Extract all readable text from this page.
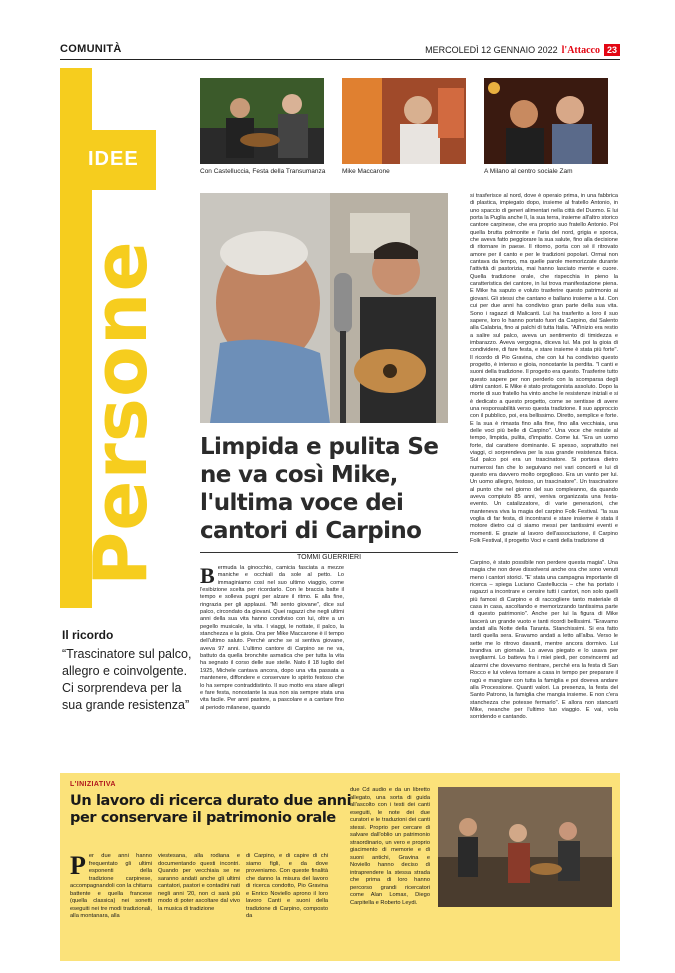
COMUNITÀ	MERCOLEDÌ 12 GENNAIO 2022 l'Attacco 23
IDEE
Persone
Con Castelluccia, Festa della Transumanza	Mike Maccarone	A Milano al centro sociale Zam
Limpida e pulita Se ne va così Mike, l'ultima voce dei cantori di Carpino
TOMMI GUERRIERI
Il ricordo
“Trascinatore sul palco, allegro e coinvolgente. Ci sorprendeva per la sua grande resistenza”
Bermuda la ginocchio, camicia fasciata a mezze maniche e occhiali da sole al petto. Lo immaginiamo così nel suo ultimo viaggio, come l'esibizione scelta per ricordarlo. Con le braccia batte il tempo e solleva pugni per alzare il ritmo. E alla fine, ringrazia per gli applausi. "Mi sento giovane", dice sul palco, circondato da giovani. Quei ragazzi che negli ultimi anni della sua vita hanno condiviso con lui, oltre a un pegello musicale, la vita. I viaggi, le nottate, il palco, la stanchezza e la gioia. Ora per Mike Maccarone è il tempo dell'ultimo saluto. Perché anche se si sentiva giovane, aveva 97 anni. L'ultimo cantore di Carpino se ne va, battuto da quella bronchite asmatica che per tutta la vita ha segnato il corso delle sue stelle. Nato il 18 luglio del 1925, Michele cantava ancora, dopo una vita passata a mantenere, diffondere e conservare lo spirito festoso che lo ha sempre contraddistinto. Il suo motto era stare allegri e fare festa, nonostante la sua non sia sempre stata una vita facile. Per anni pastore, a pascolare e a cantare fino al periodo milanese, quando
si trasferisce al nord, dove è operaio prima, in una fabbrica di plastica, impiegato dopo, insieme al fratello Antonio, in uno spaccio di generi alimentari nella città del Duomo. E lui porta la Puglia anche lì, la sua terra, insieme all'altro storico cantore carpinese, che era proprio suo fratello Antonio. Poi quella brutta polmonite e l'aria del nord, grigia e sporca, che aveva fatto peggiorare la sua salute, fino alla decisione di ritornare in paese. Il ritorno, porta con sé il ritrovato amore per il canto e per le tradizioni popolari. Ormai non cantava da tempo, ma quelle parole memorizzate durante l'attività di pastorizia, mai hanno lasciato mente e cuore. Quella tradizione orale, che rispecchia in pieno la caratteristica dei cantore, in lui trova manifestazione piena. E Mike ha saputo e voluto trasferire questo patrimonio ai giovani. Gli stessi che cantano e ballano insieme a lui. Con cui per due anni ha condiviso gran parte della sua vita. Sono i ragazzi di Malicanti. Lui ha trasferito a loro il suo sapere, loro lo hanno portato fuori da Carpino, dal Salento alla Calabria, fino ai palchi di tutta Italia. "All'inizio era restio a salire sul palco, aveva un sentimento di timidezza e imbarazzo. Aveva vergogna, diceva lui. Ma poi la gioia di condividere, di fare festa, e stare insieme è stata più forte". Il ricordo di Pio Gravina, che con lui ha condiviso questo progetto, è intenso e gioia, nonostante la perdita. "I canti e suoni della tradizione. Il progetto era questo. Trasferire tutto questo sapere per non perderlo con la scomparsa degli ultimi cantori. E Mike è stato protagonista assoluto. Dopo la morte di suo fratello ha vinto anche le resistenze iniziali e si è dedicato a questo progetto, come se sentisse di avere una responsabilità verso questa tradizione. Il suo approccio con il pubblico, poi, era bellissimo. Diretto, semplice e forte. E la sua è rimasta fino alla fine, fino alla vecchiaia, una delle voci più belle di Carpino". Una voce che resiste al tempo, limpida, pulita, d'impatto. Come lui. "Era un uomo forte, dal carattere dominante. E spesso, soprattutto nei viaggi, ci sorprendeva per la sua grande resistenza fisica. Sul palco poi era un trascinatore. Si portava dietro numerosi fan che lo seguivano nei vari concerti e lui di questo era davvero molto orgoglioso. Era un vanto per lui. Un uomo allegro, festoso, un trascinatore". Un trascinatore al punto che nel giorno del suo compleanno, da quando aveva compiuto 85 anni, veniva organizzata una festa-evento. Un catalizzatore, di varie generazioni, che manteneva viva la magia del carpino Folk Festival. "la sua voglia di far festa, di incontrarsi e stare insieme è stata il motore dietro cui ci siamo messi per tantissimi eventi e momenti. E grazie al lavoro dell'associazione, il Carpino Folk Festival, il progetto Voci e canti della tradizione di
Carpino, è stato possibile non perdere questa magia". Una magia che non deve dissolversi anche ora che sono venuti meno i cantori storici. "E' stata una campagna importante di ricerca – spiega Luciano Castelluccia – che ha portato i ragazzi a incontrare e censire tutti i cantori, non solo quelli più famosi di Carpino e di raccogliere tanto materiale di casa in casa, ascoltando e memorizzando tantissima parte di questo patrimonio". Anche per lui la figura di Mike lascerà un grande vuoto e tanti ricordi bellissimi. "Eravamo andati alla Notte della Taranta. Stanchissimi. Si era fatto tardi quella sera. Eravamo andati a letto all'alba. Verso le sette me lo ritrovo davanti, mentre ancora dormivo. Lui brandiva un giornale. Lo aveva piegato e lo usava per svegliarmi. Lo batteva fra i miei piedi, per convincermi ad alzarmi che dovevamo rientrare, perché era la festa di San Rocco e lui voleva tornare a casa in tempo per preparare il ragù e mangiare con tutta la famiglia e poi doveva andare alla Processione. Quanti valori. La presenza, la festa del Santo Patrono, la famiglia che mangia insieme. E non c'era stanchezza che potesse fermarlo". E allora non stancarti Mike, neanche per l'ultimo tuo viaggio. E vai, vola sorridendo e cantando.
L'INIZIATIVA
Un lavoro di ricerca durato due anni per conservare il patrimonio orale
Per due anni hanno frequentato gli ultimi esponenti della tradizione carpinese, accompagnandoli con la chitarra battente e quella francese (quella classica) nei sonetti eseguiti nei tre modi tradizionali, alla montanara, alla
viestesana, alla rodiana e documentando questi incontri. Quando per vecchiaia se ne saranno andati anche gli ultimi cantatori, pastori e contadini nati negli anni '20, non ci sarà più modo di poter ascoltare dal vivo la musica di tradizione
di Carpino, e di capire di chi siamo figli, e da dove proveniamo. Con queste finalità che danno la misura del lavoro di ricerca condotto, Pio Gravina e Enrico Noviello aprono il loro lavoro Canti e suoni della tradizione di Carpino, composto da
due Cd audio e da un libretto allegato, una sorta di guida all'ascolto con i testi dei canti eseguiti, le note dei due curatori e le traduzioni dei canti stessi. Proprio per cercare di salvare dall'oblio un patrimonio straordinario, un vero e proprio giacimento di memorie e di suoni antichi, Gravina e Noviello hanno deciso di intraprendere la stessa strada che prima di loro hanno percorso grandi ricercatori come Alan Lomax, Diego Carpitella e Roberto Leydi.
